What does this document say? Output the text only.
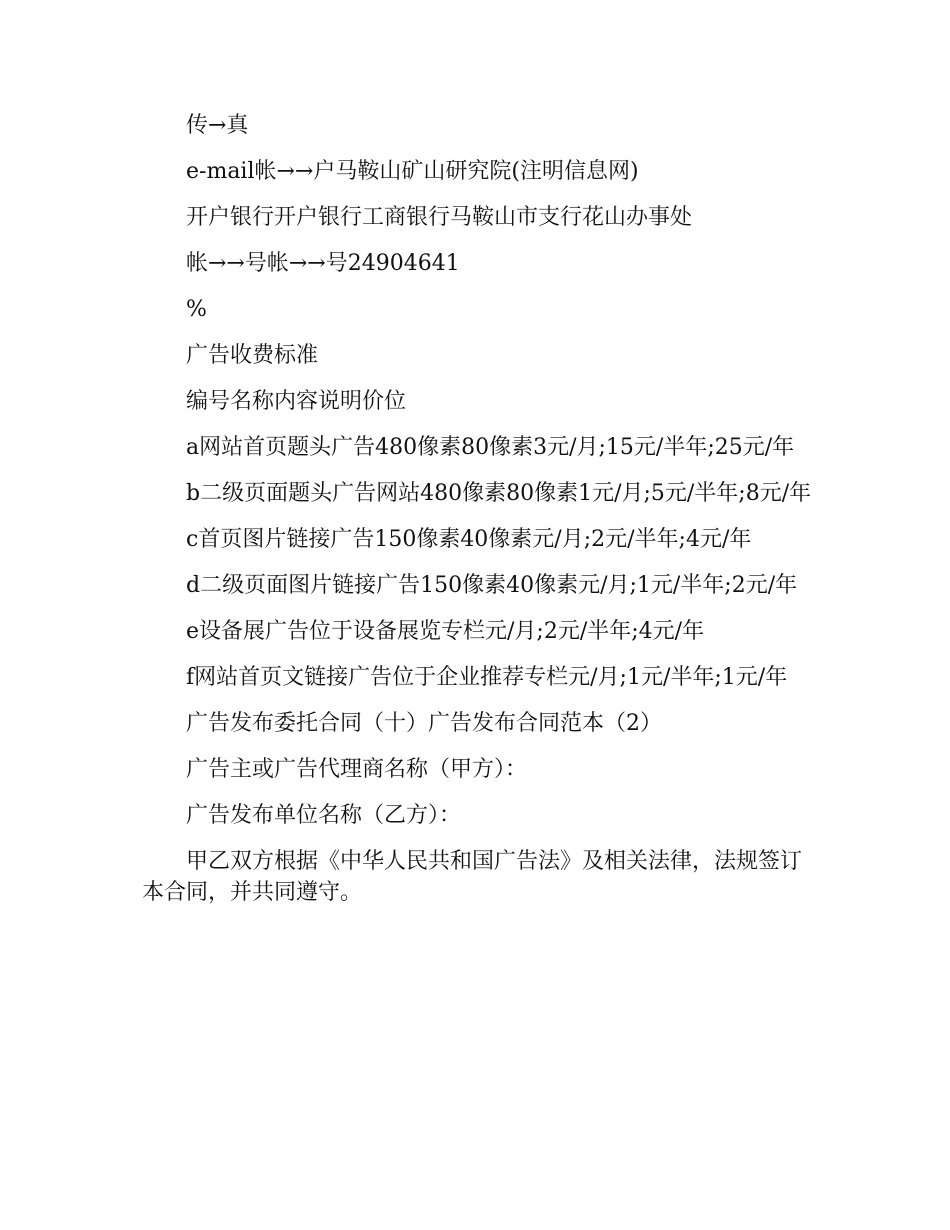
传→真

e-mail帐→→户马鞍山矿山研究院(注明信息网)

开户银行开户银行工商银行马鞍山市支行花山办事处

帐→→号帐→→号24904641

%

广告收费标准

编号名称内容说明价位

a网站首页题头广告480像素80像素3元/月;15元/半年;25元/年

b二级页面题头广告网站480像素80像素1元/月;5元/半年;8元/年

c首页图片链接广告150像素40像素元/月;2元/半年;4元/年

d二级页面图片链接广告150像素40像素元/月;1元/半年;2元/年

e设备展广告位于设备展览专栏元/月;2元/半年;4元/年

f网站首页文链接广告位于企业推荐专栏元/月;1元/半年;1元/年

广告发布委托合同（十）广告发布合同范本（2）

广告主或广告代理商名称（甲方）：

广告发布单位名称（乙方）：

甲乙双方根据《中华人民共和国广告法》及相关法律，法规签订本合同，并共同遵守。
